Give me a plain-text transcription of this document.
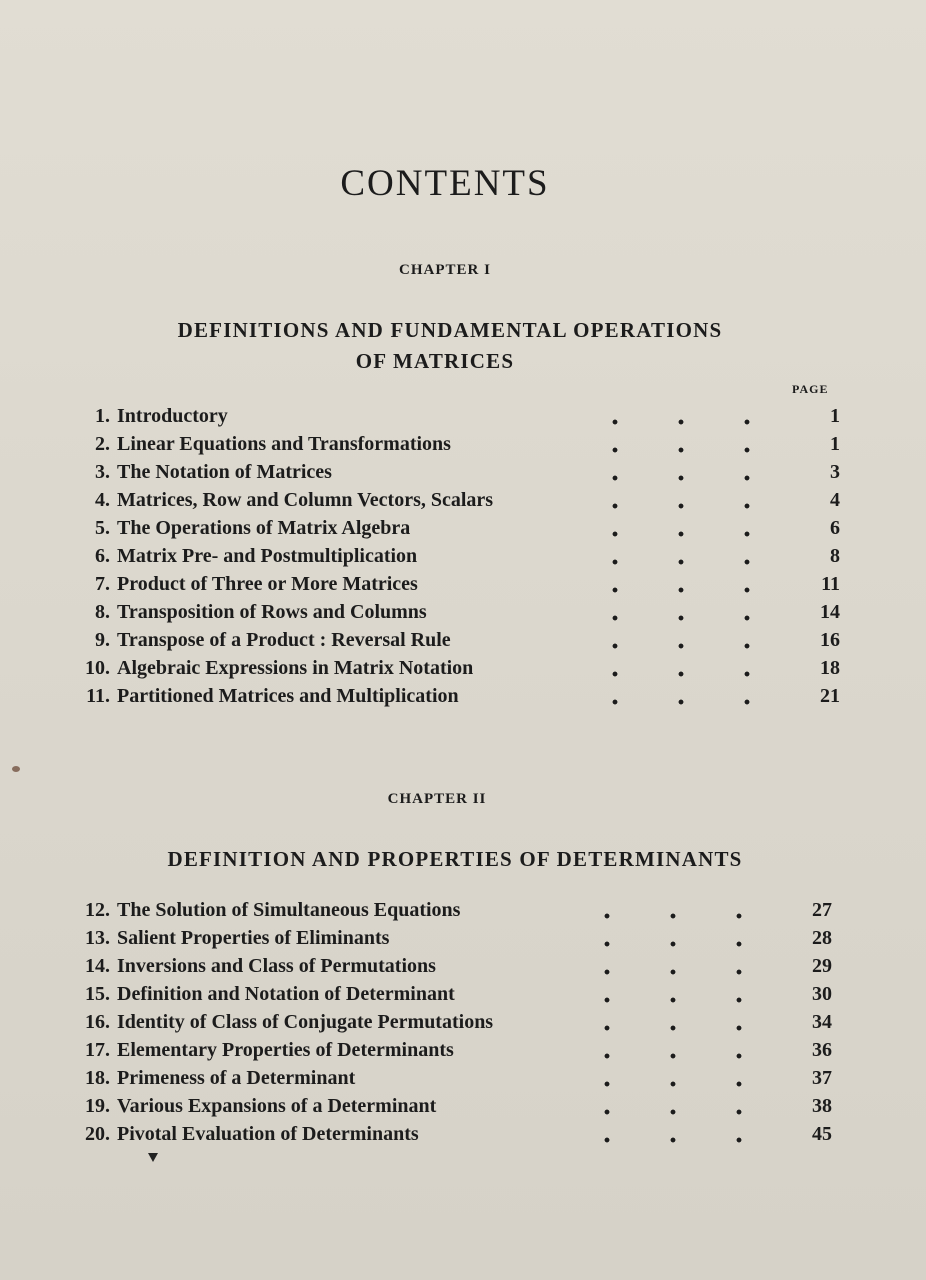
CONTENTS
CHAPTER I
DEFINITIONS AND FUNDAMENTAL OPERATIONS
OF MATRICES
PAGE
1. Introductory	1
2. Linear Equations and Transformations	1
3. The Notation of Matrices	3
4. Matrices, Row and Column Vectors, Scalars	4
5. The Operations of Matrix Algebra	6
6. Matrix Pre- and Postmultiplication	8
7. Product of Three or More Matrices	11
8. Transposition of Rows and Columns	14
9. Transpose of a Product : Reversal Rule	16
10. Algebraic Expressions in Matrix Notation	18
11. Partitioned Matrices and Multiplication	21
CHAPTER II
DEFINITION AND PROPERTIES OF DETERMINANTS
12. The Solution of Simultaneous Equations	27
13. Salient Properties of Eliminants	28
14. Inversions and Class of Permutations	29
15. Definition and Notation of Determinant	30
16. Identity of Class of Conjugate Permutations	34
17. Elementary Properties of Determinants	36
18. Primeness of a Determinant	37
19. Various Expansions of a Determinant	38
20. Pivotal Evaluation of Determinants	45
